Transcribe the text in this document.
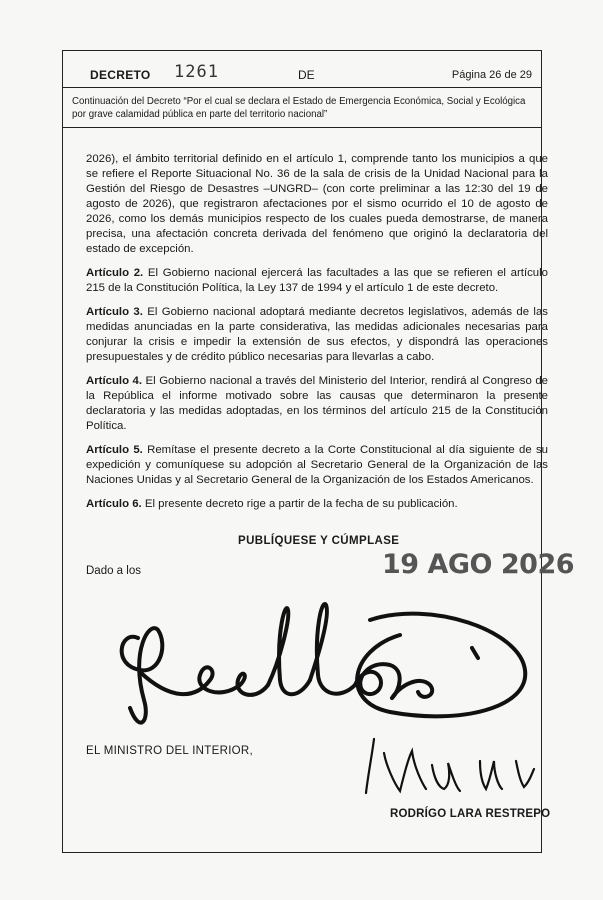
DECRETO 1261	DE	Página 26 de 29
Continuación del Decreto “Por el cual se declara el Estado de Emergencia Económica, Social y Ecológica por grave calamidad pública en parte del territorio nacional”

2026), el ámbito territorial definido en el artículo 1, comprende tanto los municipios a que se refiere el Reporte Situacional No. 36 de la sala de crisis de la Unidad Nacional para la Gestión del Riesgo de Desastres –UNGRD– (con corte preliminar a las 12:30 del 19 de agosto de 2026), que registraron afectaciones por el sismo ocurrido el 10 de agosto de 2026, como los demás municipios respecto de los cuales pueda demostrarse, de manera precisa, una afectación concreta derivada del fenómeno que originó la declaratoria del estado de excepción.

Artículo 2. El Gobierno nacional ejercerá las facultades a las que se refieren el artículo 215 de la Constitución Política, la Ley 137 de 1994 y el artículo 1 de este decreto.

Artículo 3. El Gobierno nacional adoptará mediante decretos legislativos, además de las medidas anunciadas en la parte considerativa, las medidas adicionales necesarias para conjurar la crisis e impedir la extensión de sus efectos, y dispondrá las operaciones presupuestales y de crédito público necesarias para llevarlas a cabo.

Artículo 4. El Gobierno nacional a través del Ministerio del Interior, rendirá al Congreso de la República el informe motivado sobre las causas que determinaron la presente declaratoria y las medidas adoptadas, en los términos del artículo 215 de la Constitución Política.

Artículo 5. Remítase el presente decreto a la Corte Constitucional al día siguiente de su expedición y comuníquese su adopción al Secretario General de la Organización de las Naciones Unidas y al Secretario General de la Organización de los Estados Americanos.

Artículo 6. El presente decreto rige a partir de la fecha de su publicación.

PUBLÍQUESE Y CÚMPLASE
Dado a los	19 AGO 2026
EL MINISTRO DEL INTERIOR,
RODRÍGO LARA RESTREPO
